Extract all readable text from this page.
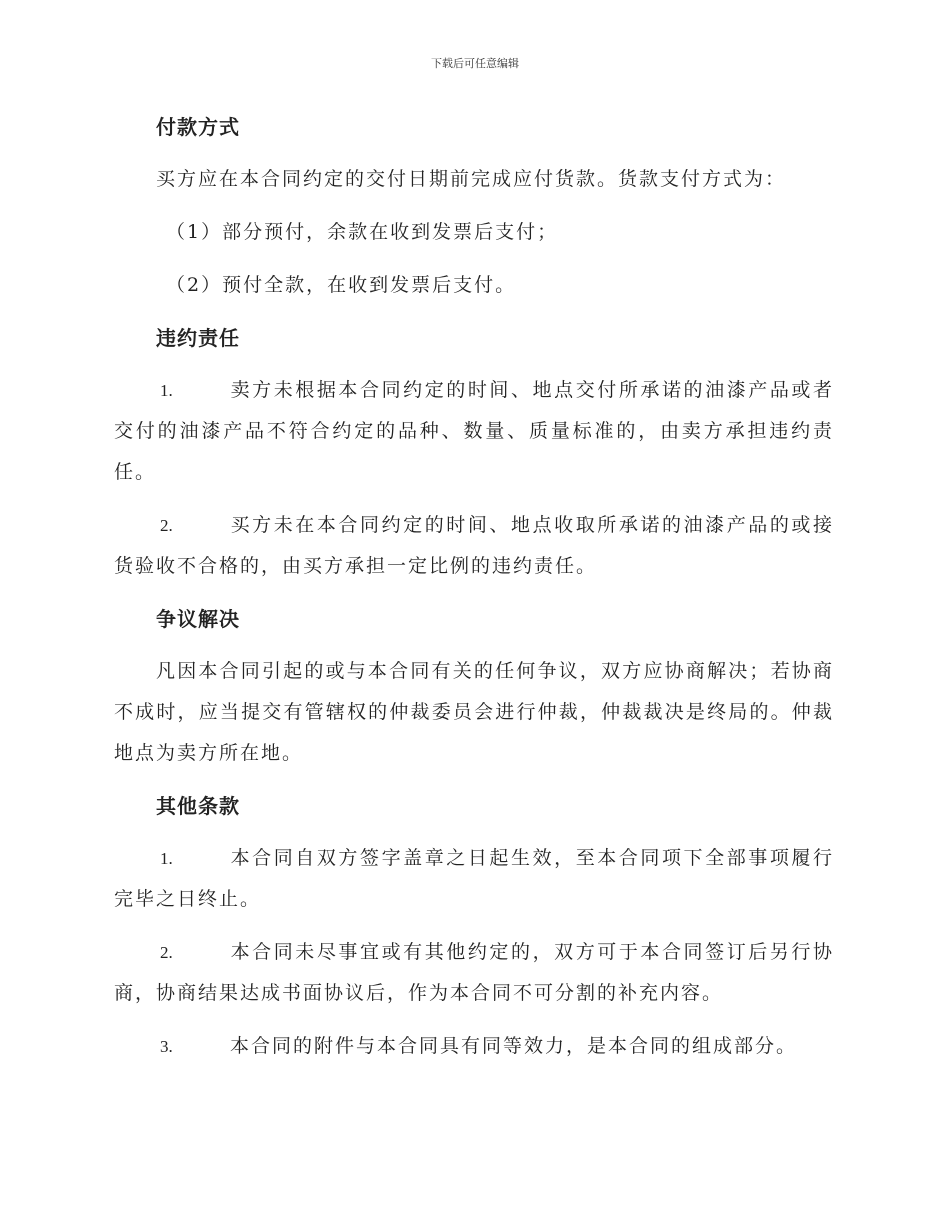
下载后可任意编辑
付款方式

买方应在本合同约定的交付日期前完成应付货款。货款支付方式为：

（1）部分预付，余款在收到发票后支付；

（2）预付全款，在收到发票后支付。

违约责任

1.	卖方未根据本合同约定的时间、地点交付所承诺的油漆产品或者交付的油漆产品不符合约定的品种、数量、质量标准的，由卖方承担违约责任。

2.	买方未在本合同约定的时间、地点收取所承诺的油漆产品的或接货验收不合格的，由买方承担一定比例的违约责任。

争议解决

凡因本合同引起的或与本合同有关的任何争议，双方应协商解决；若协商不成时，应当提交有管辖权的仲裁委员会进行仲裁，仲裁裁决是终局的。仲裁地点为卖方所在地。

其他条款

1.	本合同自双方签字盖章之日起生效，至本合同项下全部事项履行完毕之日终止。

2.	本合同未尽事宜或有其他约定的，双方可于本合同签订后另行协商，协商结果达成书面协议后，作为本合同不可分割的补充内容。

3.	本合同的附件与本合同具有同等效力，是本合同的组成部分。
